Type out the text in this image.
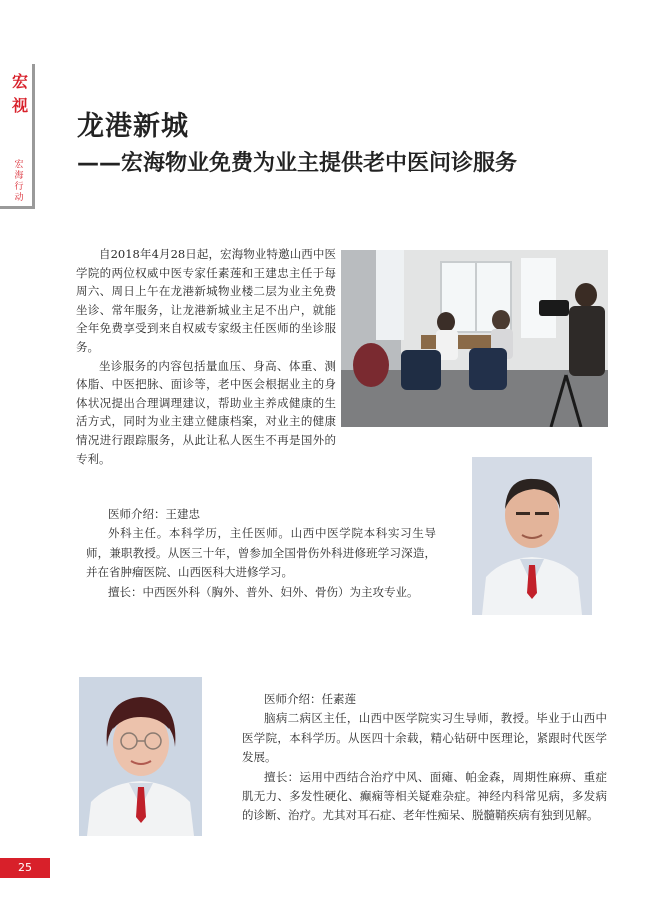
宏
视
宏
海
行
动
龙港新城
——宏海物业免费为业主提供老中医问诊服务

自2018年4月28日起，宏海物业特邀山西中医学院的两位权威中医专家任素莲和王建忠主任于每周六、周日上午在龙港新城物业楼二层为业主免费坐诊、常年服务，让龙港新城业主足不出户，就能全年免费享受到来自权威专家级主任医师的坐诊服务。

坐诊服务的内容包括量血压、身高、体重、测体脂、中医把脉、面诊等，老中医会根据业主的身体状况提出合理调理建议，帮助业主养成健康的生活方式，同时为业主建立健康档案，对业主的健康情况进行跟踪服务，从此让私人医生不再是国外的专利。

医师介绍：王建忠

外科主任。本科学历，主任医师。山西中医学院本科实习生导师，兼职教授。从医三十年，曾参加全国骨伤外科进修班学习深造，并在省肿瘤医院、山西医科大进修学习。

擅长：中西医外科（胸外、普外、妇外、骨伤）为主攻专业。

医师介绍：任素莲

脑病二病区主任，山西中医学院实习生导师，教授。毕业于山西中医学院，本科学历。从医四十余载，精心钻研中医理论，紧跟时代医学发展。

擅长：运用中西结合治疗中风、面瘫、帕金森，周期性麻痹、重症肌无力、多发性硬化、癫痫等相关疑难杂症。神经内科常见病，多发病的诊断、治疗。尤其对耳石症、老年性痴呆、脱髓鞘疾病有独到见解。

25
